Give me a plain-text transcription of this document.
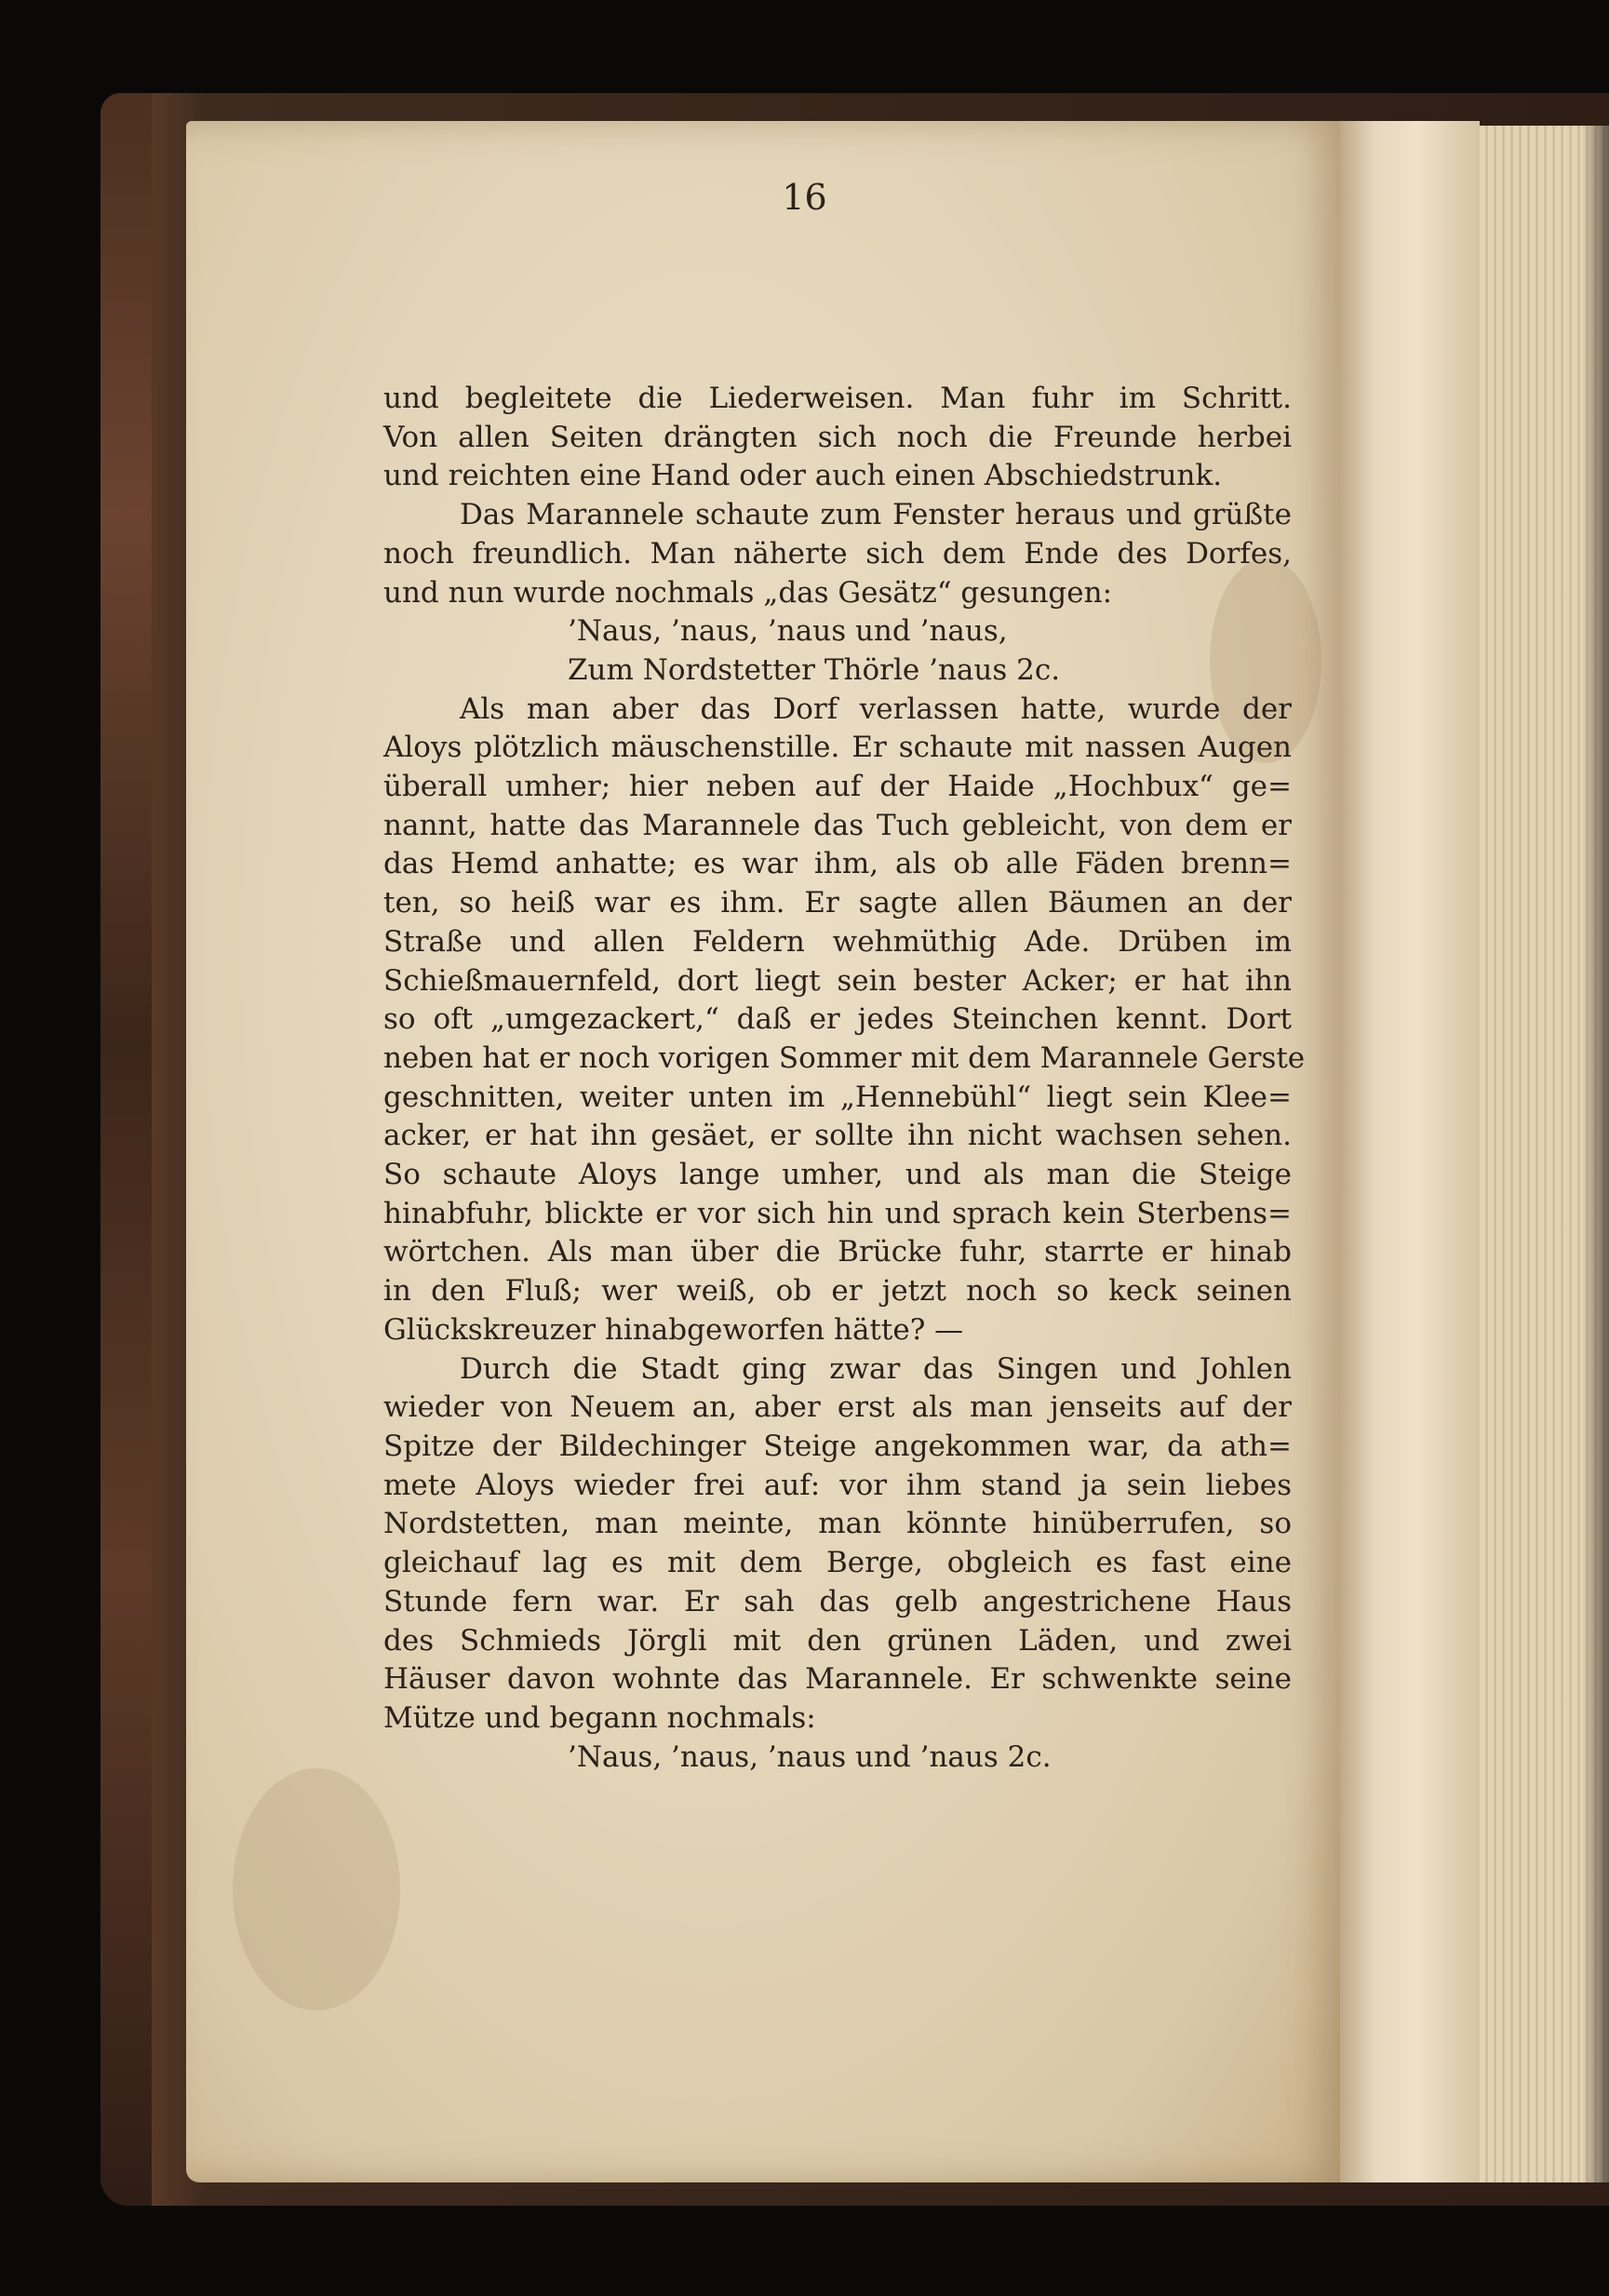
16

und begleitete die Liederweisen. Man fuhr im Schritt.
Von allen Seiten drängten sich noch die Freunde herbei
und reichten eine Hand oder auch einen Abschiedstrunk.
Das Marannele schaute zum Fenster heraus und grüßte
noch freundlich. Man näherte sich dem Ende des Dorfes,
und nun wurde nochmals „das Gesätz“ gesungen:
’Naus, ’naus, ’naus und ’naus,
Zum Nordstetter Thörle ’naus 2c.
Als man aber das Dorf verlassen hatte, wurde der
Aloys plötzlich mäuschenstille. Er schaute mit nassen Augen
überall umher; hier neben auf der Haide „Hochbux“ ge=
nannt, hatte das Marannele das Tuch gebleicht, von dem er
das Hemd anhatte; es war ihm, als ob alle Fäden brenn=
ten, so heiß war es ihm. Er sagte allen Bäumen an der
Straße und allen Feldern wehmüthig Ade. Drüben im
Schießmauernfeld, dort liegt sein bester Acker; er hat ihn
so oft „umgezackert,“ daß er jedes Steinchen kennt. Dort
neben hat er noch vorigen Sommer mit dem Marannele Gerste
geschnitten, weiter unten im „Hennebühl“ liegt sein Klee=
acker, er hat ihn gesäet, er sollte ihn nicht wachsen sehen.
So schaute Aloys lange umher, und als man die Steige
hinabfuhr, blickte er vor sich hin und sprach kein Sterbens=
wörtchen. Als man über die Brücke fuhr, starrte er hinab
in den Fluß; wer weiß, ob er jetzt noch so keck seinen
Glückskreuzer hinabgeworfen hätte? —
Durch die Stadt ging zwar das Singen und Johlen
wieder von Neuem an, aber erst als man jenseits auf der
Spitze der Bildechinger Steige angekommen war, da ath=
mete Aloys wieder frei auf: vor ihm stand ja sein liebes
Nordstetten, man meinte, man könnte hinüberrufen, so
gleichauf lag es mit dem Berge, obgleich es fast eine
Stunde fern war. Er sah das gelb angestrichene Haus
des Schmieds Jörgli mit den grünen Läden, und zwei
Häuser davon wohnte das Marannele. Er schwenkte seine
Mütze und begann nochmals:
’Naus, ’naus, ’naus und ’naus 2c.
